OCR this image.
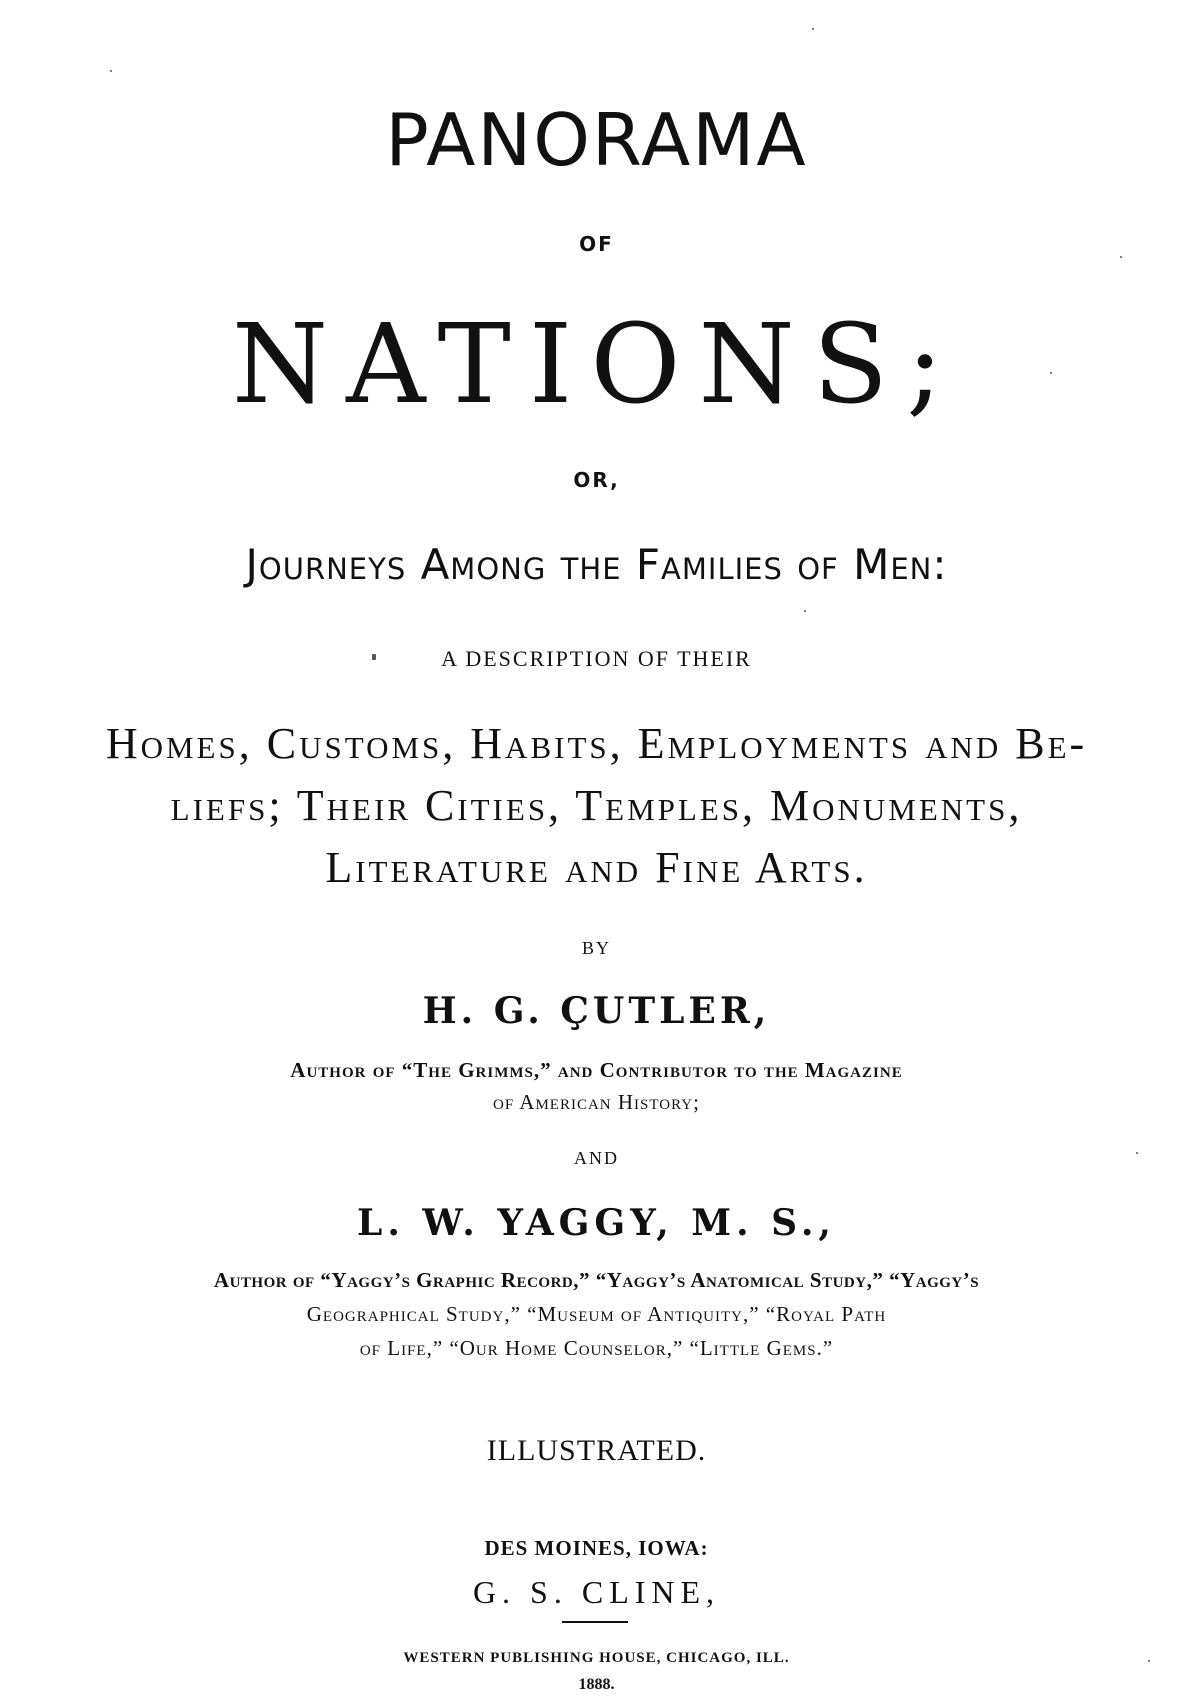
PANORAMA
OF
NATIONS;
OR,
Journeys Among the Families of Men:
A DESCRIPTION OF THEIR
Homes, Customs, Habits, Employments and Be-
liefs; Their Cities, Temples, Monuments,
Literature and Fine Arts.
BY
H. G. ÇUTLER,
Author of “The Grimms,” and Contributor to the Magazine
of American History;
AND
L. W. YAGGY, M. S.,
Author of “Yaggy’s Graphic Record,” “Yaggy’s Anatomical Study,” “Yaggy’s
Geographical Study,” “Museum of Antiquity,” “Royal Path
of Life,” “Our Home Counselor,” “Little Gems.”
ILLUSTRATED.
DES MOINES, IOWA:
G. S. CLINE,
WESTERN PUBLISHING HOUSE, CHICAGO, ILL.
1888.
